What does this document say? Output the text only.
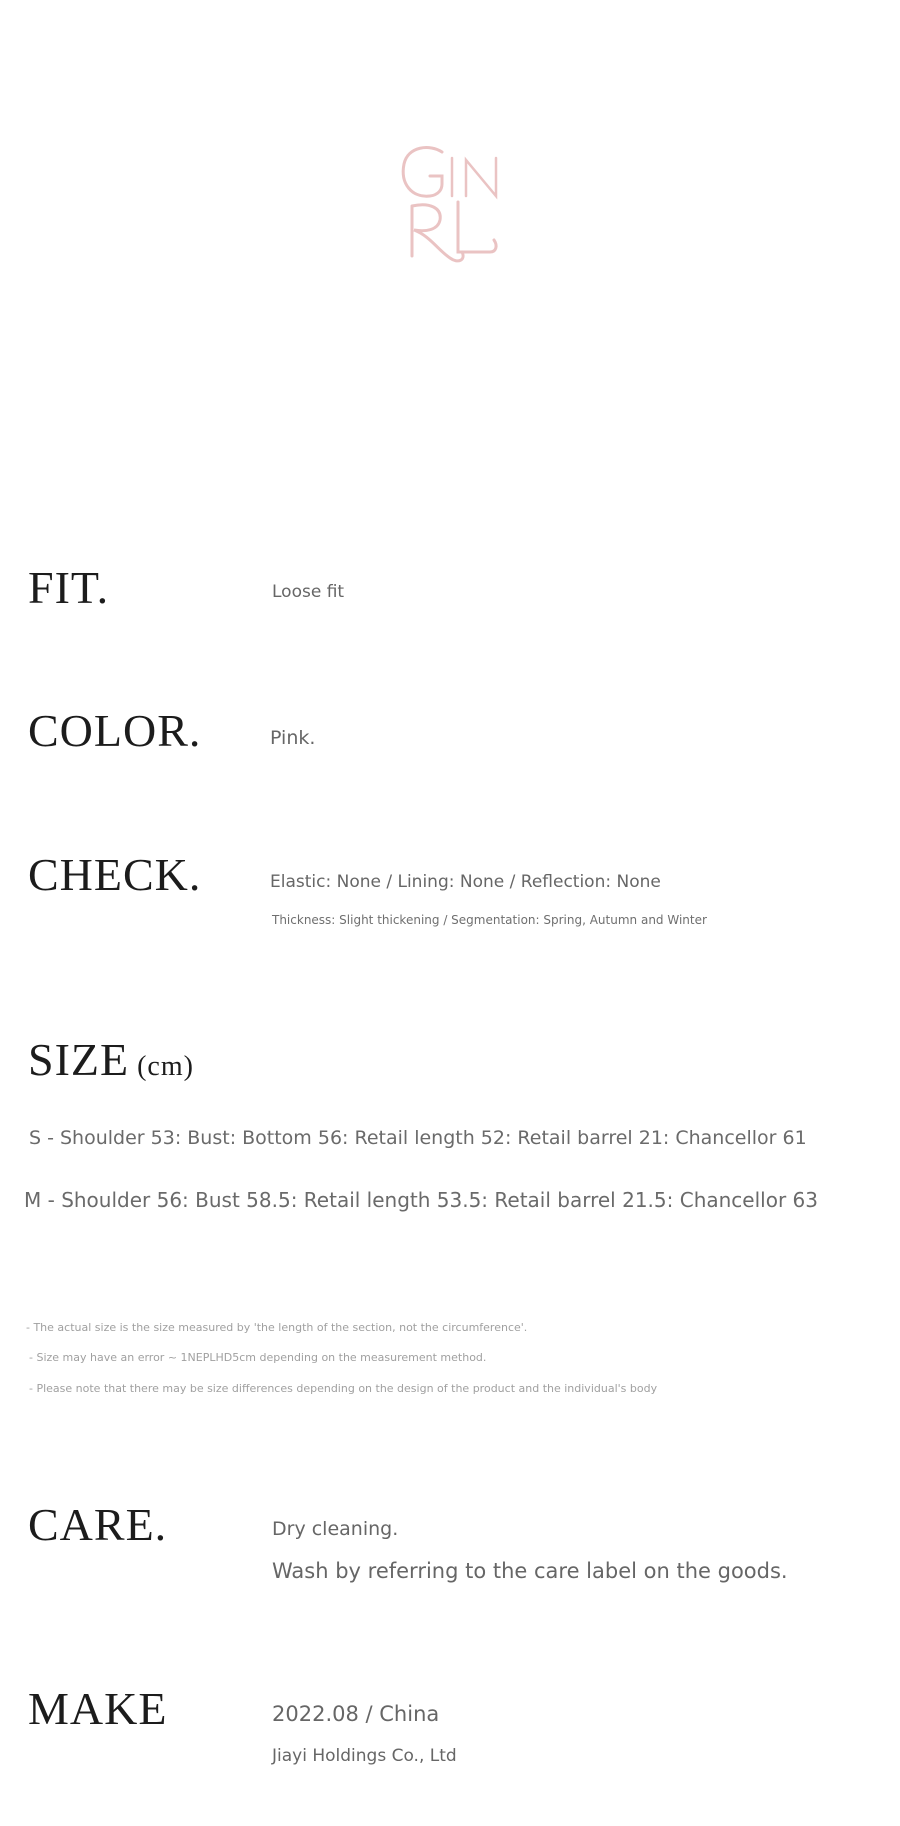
FIT.	Loose fit
COLOR.	Pink.
CHECK.	Elastic: None / Lining: None / Reflection: None
Thickness: Slight thickening / Segmentation: Spring, Autumn and Winter
SIZE (cm)
S - Shoulder 53: Bust: Bottom 56: Retail length 52: Retail barrel 21: Chancellor 61
M - Shoulder 56: Bust 58.5: Retail length 53.5: Retail barrel 21.5: Chancellor 63
- The actual size is the size measured by 'the length of the section, not the circumference'.
- Size may have an error ~ 1NEPLHD5cm depending on the measurement method.
- Please note that there may be size differences depending on the design of the product and the individual's body
CARE.	Dry cleaning.
Wash by referring to the care label on the goods.
MAKE	2022.08 / China
Jiayi Holdings Co., Ltd
